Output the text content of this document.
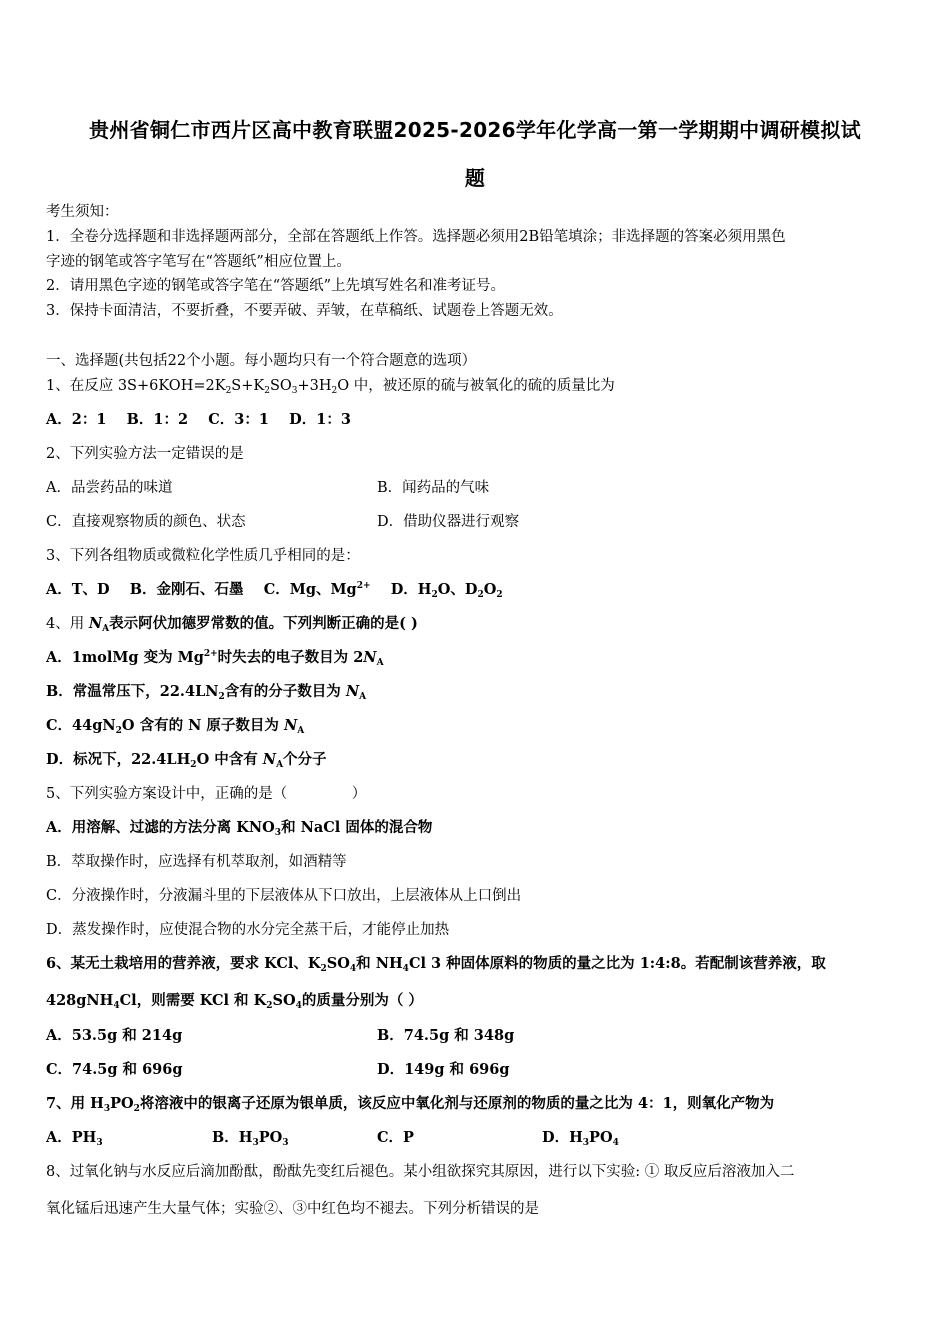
贵州省铜仁市西片区高中教育联盟2025-2026学年化学高一第一学期期中调研模拟试
题
考生须知：
1．全卷分选择题和非选择题两部分，全部在答题纸上作答。选择题必须用2B铅笔填涂；非选择题的答案必须用黑色
字迹的钢笔或答字笔写在“答题纸”相应位置上。
2．请用黑色字迹的钢笔或答字笔在“答题纸”上先填写姓名和准考证号。
3．保持卡面清洁，不要折叠，不要弄破、弄皱，在草稿纸、试题卷上答题无效。
一、选择题(共包括22个小题。每小题均只有一个符合题意的选项）
1、在反应 $3S+6KOH=2K_2S+K_2SO_3+3H_2O$ 中，被还原的硫与被氧化的硫的质量比为
A．2：1    B．1：2    C．3：1    D．1：3
2、下列实验方法一定错误的是
A．品尝药品的味道	B．闻药品的气味
C．直接观察物质的颜色、状态	D．借助仪器进行观察
3、下列各组物质或微粒化学性质几乎相同的是：
A．T、D    B．金刚石、石墨    C．Mg、$Mg^{2+}$    D．$H_2O$、$D_2O_2$
4、用 $N_A$表示阿伏加德罗常数的值。下列判断正确的是( )
A．1molMg 变为 $Mg^{2+}$时失去的电子数目为 $2N_A$
B．常温常压下，$22.4LN_2$含有的分子数目为 $N_A$
C．$44gN_2O$ 含有的 N 原子数目为 $N_A$
D．标况下，$22.4LH_2O$ 中含有 $N_A$个分子
5、下列实验方案设计中，正确的是（              ）
A．用溶解、过滤的方法分离 $KNO_3$和 NaCl 固体的混合物
B．萃取操作时，应选择有机萃取剂，如酒精等
C．分液操作时，分液漏斗里的下层液体从下口放出，上层液体从上口倒出
D．蒸发操作时，应使混合物的水分完全蒸干后，才能停止加热
6、某无土栽培用的营养液，要求 KCl、$K_2SO_4$和 $NH_4Cl$ 3 种固体原料的物质的量之比为 1:4:8。若配制该营养液，取
428gNH$_4$Cl，则需要 KCl 和 $K_2SO_4$的质量分别为（ ）
A．53.5g 和 214g	B．74.5g 和 348g
C．74.5g 和 696g	D．149g 和 696g
7、用 $H_3PO_2$将溶液中的银离子还原为银单质，该反应中氧化剂与还原剂的物质的量之比为 4：1，则氧化产物为
A．$PH_3$	B．$H_3PO_3$	C．P	D．$H_3PO_4$
8、过氧化钠与水反应后滴加酚酞，酚酞先变红后褪色。某小组欲探究其原因，进行以下实验: ① 取反应后溶液加入二
氧化锰后迅速产生大量气体；实验②、③中红色均不褪去。下列分析错误的是
